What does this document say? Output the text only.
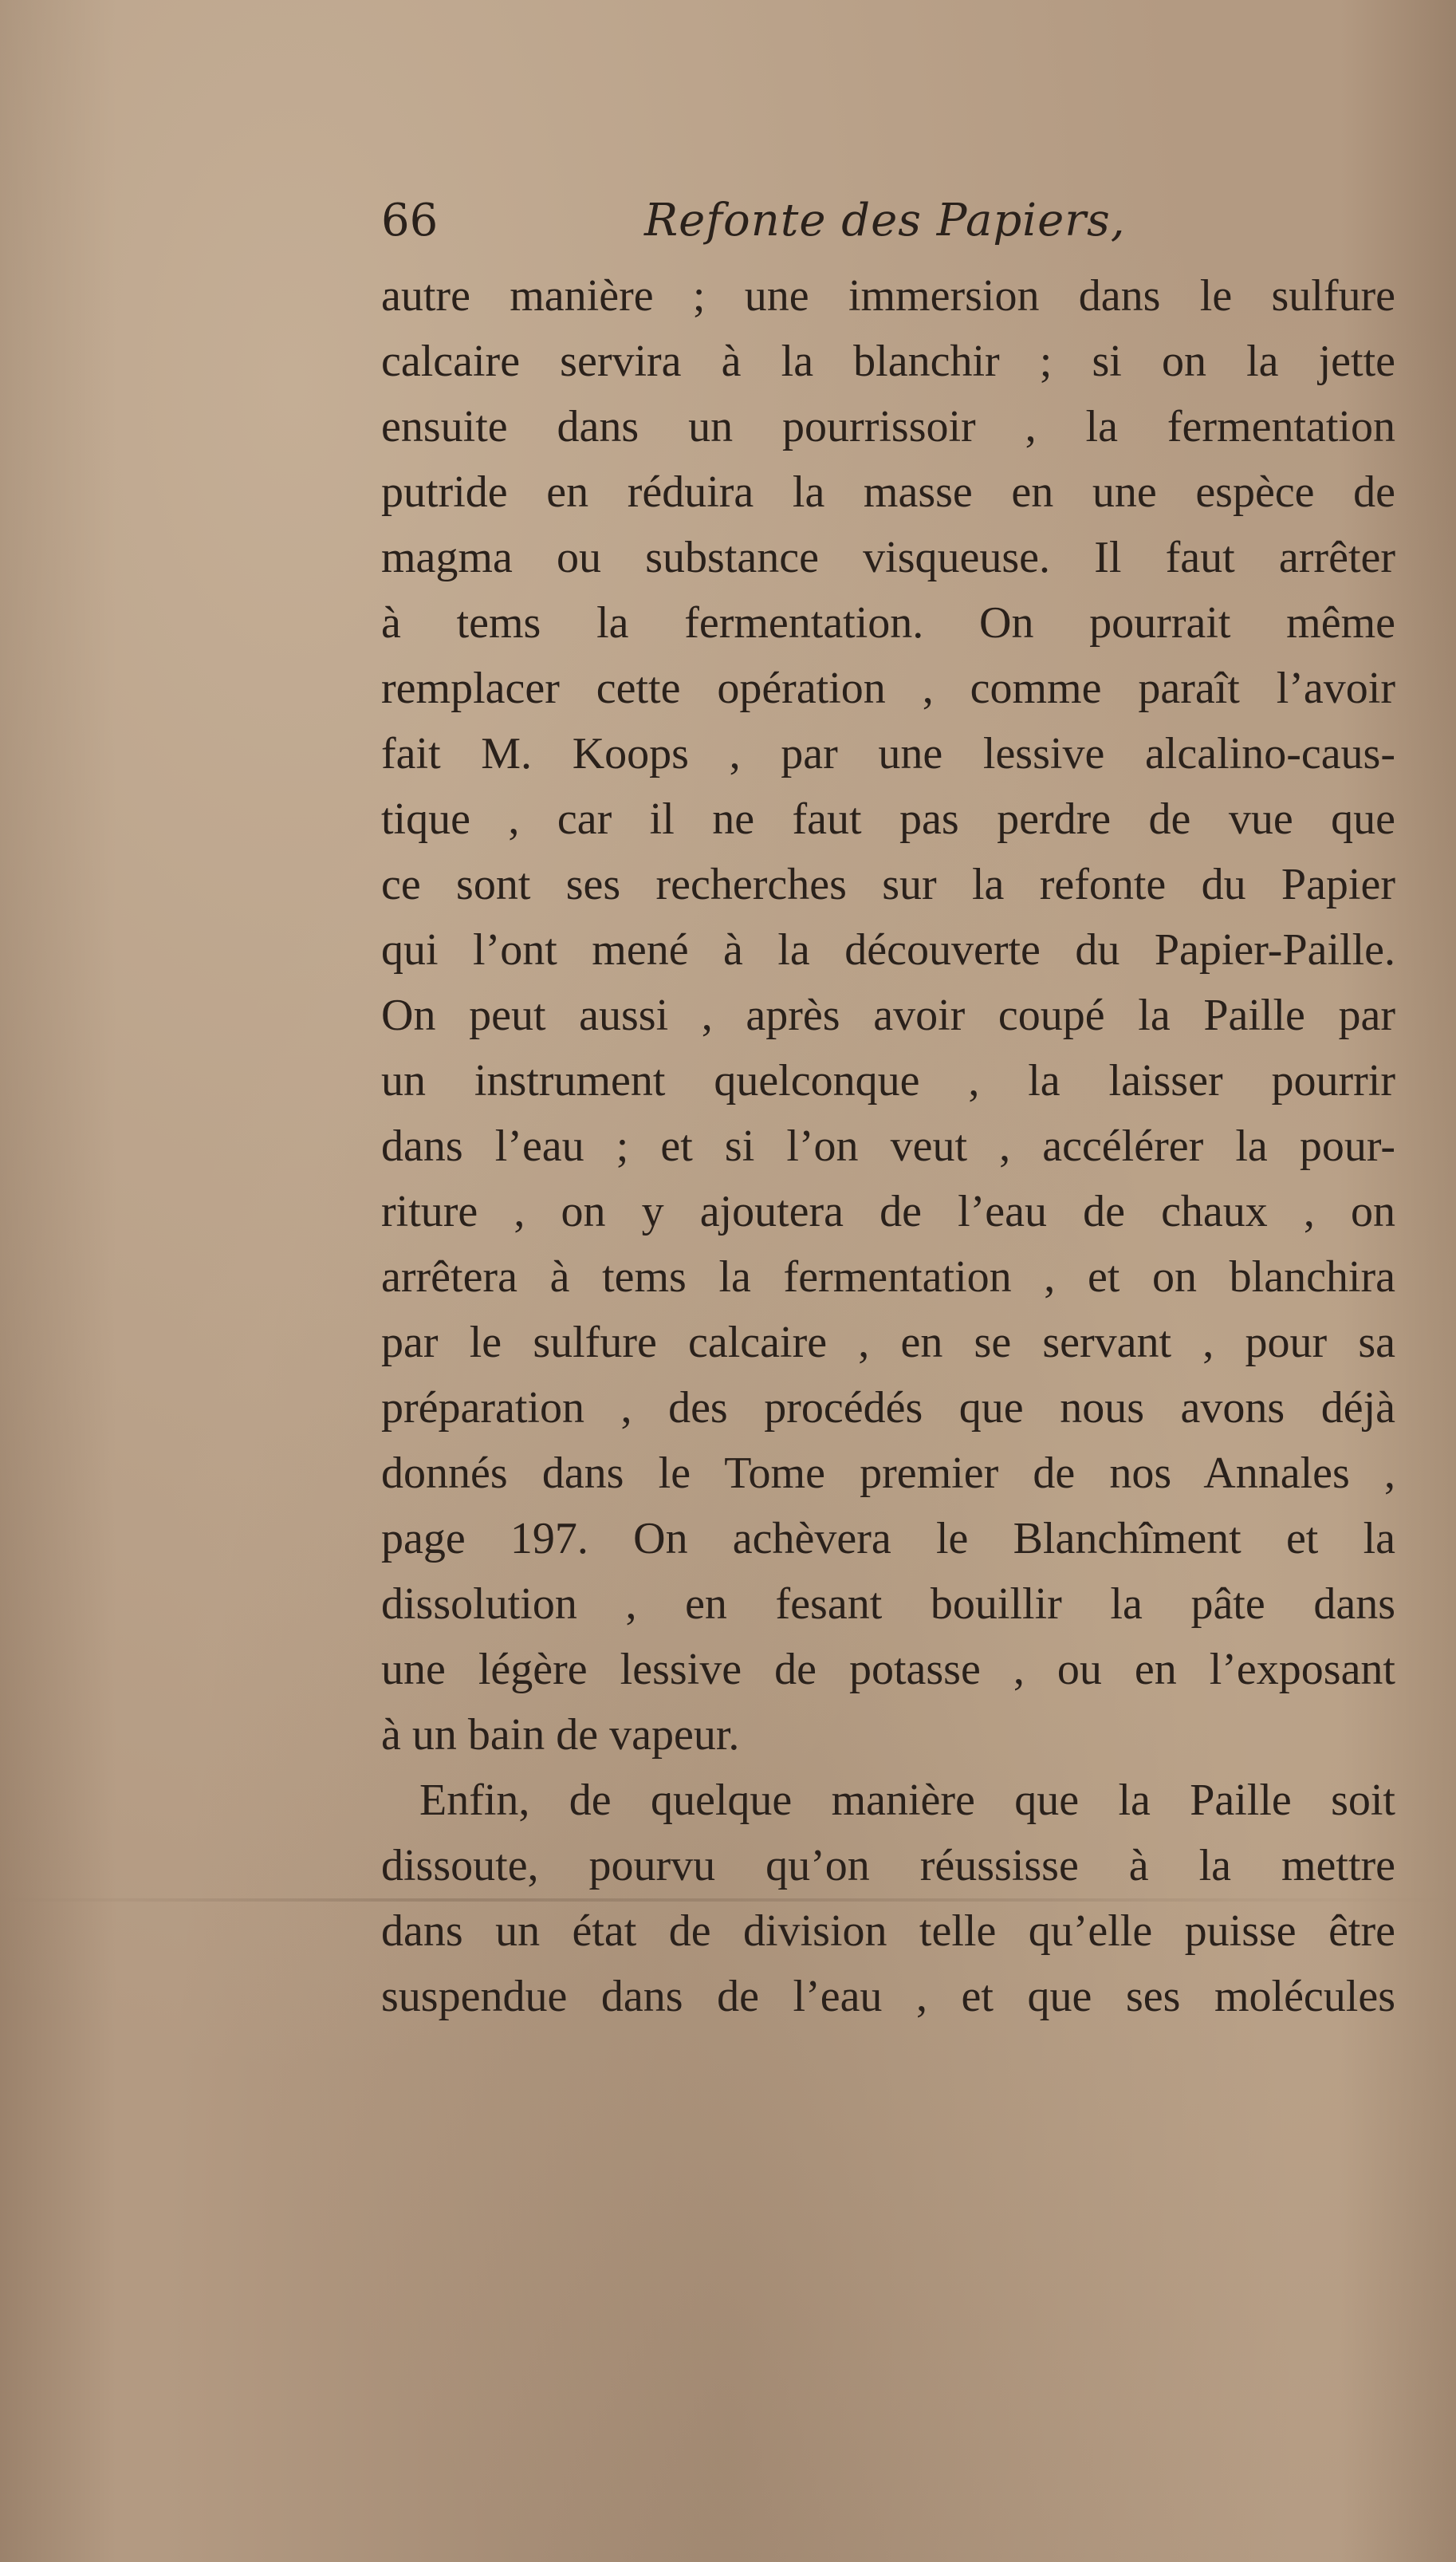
66	Refonte des Papiers,
autre manière ; une immersion dans le sulfure
calcaire servira à la blanchir ; si on la jette
ensuite dans un pourrissoir , la fermentation
putride en réduira la masse en une espèce de
magma ou substance visqueuse. Il faut arrêter
à tems la fermentation. On pourrait même
remplacer cette opération , comme paraît l’avoir
fait M. Koops , par une lessive alcalino-caus-
tique , car il ne faut pas perdre de vue que
ce sont ses recherches sur la refonte du Papier
qui l’ont mené à la découverte du Papier-Paille.
On peut aussi , après avoir coupé la Paille par
un instrument quelconque , la laisser pourrir
dans l’eau ; et si l’on veut , accélérer la pour-
riture , on y ajoutera de l’eau de chaux , on
arrêtera à tems la fermentation , et on blanchira
par le sulfure calcaire , en se servant , pour sa
préparation , des procédés que nous avons déjà
donnés dans le Tome premier de nos Annales ,
page 197. On achèvera le Blanchîment et la
dissolution , en fesant bouillir la pâte dans
une légère lessive de potasse , ou en l’exposant
à un bain de vapeur.
Enfin, de quelque manière que la Paille soit
dissoute, pourvu qu’on réussisse à la mettre
dans un état de division telle qu’elle puisse être
suspendue dans de l’eau , et que ses molécules
